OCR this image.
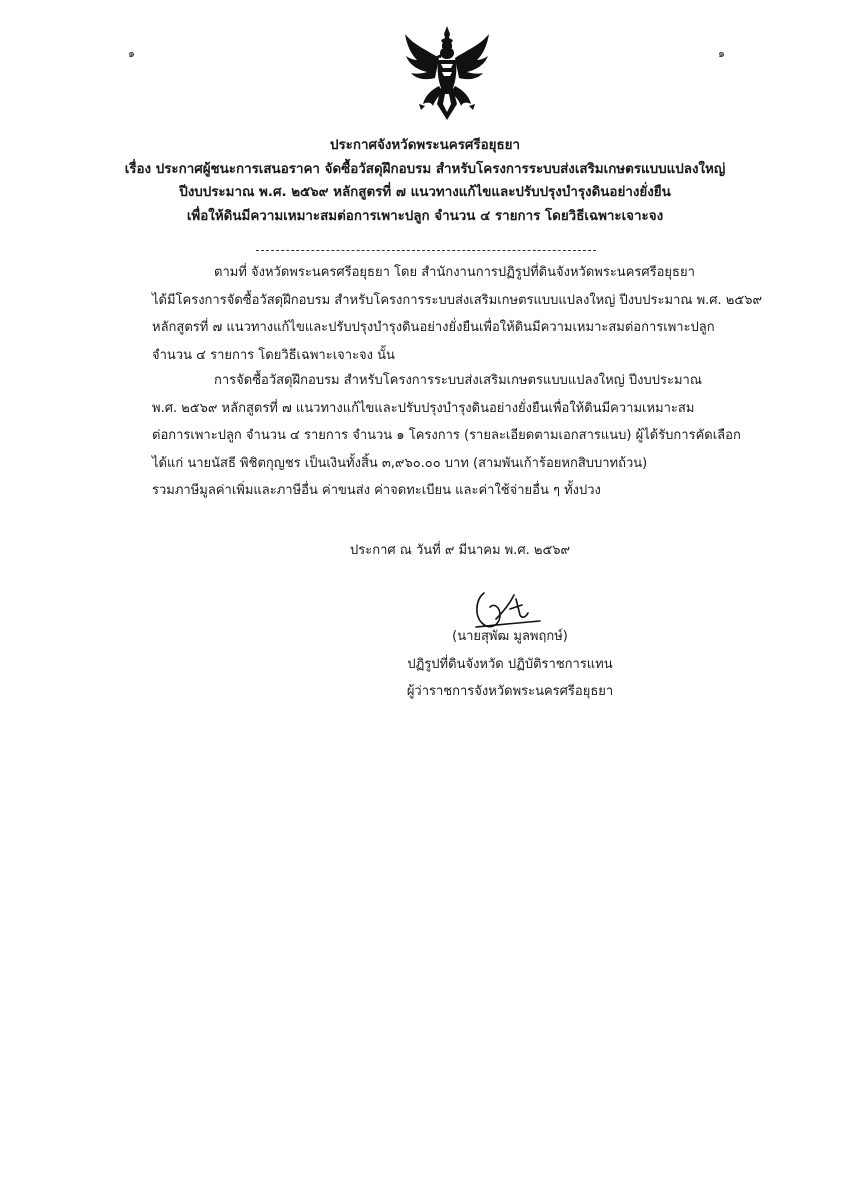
๑	๑
ประกาศจังหวัดพระนครศรีอยุธยา
เรื่อง ประกาศผู้ชนะการเสนอราคา จัดซื้อวัสดุฝึกอบรม สำหรับโครงการระบบส่งเสริมเกษตรแบบแปลงใหญ่
ปีงบประมาณ พ.ศ. ๒๕๖๙ หลักสูตรที่ ๗ แนวทางแก้ไขและปรับปรุงบำรุงดินอย่างยั่งยืน
เพื่อให้ดินมีความเหมาะสมต่อการเพาะปลูก จำนวน ๔ รายการ โดยวิธีเฉพาะเจาะจง
ตามที่ จังหวัดพระนครศรีอยุธยา โดย สำนักงานการปฏิรูปที่ดินจังหวัดพระนครศรีอยุธยา
ได้มีโครงการจัดซื้อวัสดุฝึกอบรม สำหรับโครงการระบบส่งเสริมเกษตรแบบแปลงใหญ่ ปีงบประมาณ พ.ศ. ๒๕๖๙
หลักสูตรที่ ๗ แนวทางแก้ไขและปรับปรุงบำรุงดินอย่างยั่งยืนเพื่อให้ดินมีความเหมาะสมต่อการเพาะปลูก
จำนวน ๔ รายการ โดยวิธีเฉพาะเจาะจง นั้น
การจัดซื้อวัสดุฝึกอบรม สำหรับโครงการระบบส่งเสริมเกษตรแบบแปลงใหญ่ ปีงบประมาณ
พ.ศ. ๒๕๖๙ หลักสูตรที่ ๗ แนวทางแก้ไขและปรับปรุงบำรุงดินอย่างยั่งยืนเพื่อให้ดินมีความเหมาะสม
ต่อการเพาะปลูก จำนวน ๔ รายการ จำนวน ๑ โครงการ (รายละเอียดตามเอกสารแนบ) ผู้ได้รับการคัดเลือก
ได้แก่ นายนัสธี พิชิตกุญชร เป็นเงินทั้งสิ้น ๓,๙๖๐.๐๐ บาท (สามพันเก้าร้อยหกสิบบาทถ้วน)
รวมภาษีมูลค่าเพิ่มและภาษีอื่น ค่าขนส่ง ค่าจดทะเบียน และค่าใช้จ่ายอื่น ๆ ทั้งปวง
ประกาศ ณ วันที่ ๙ มีนาคม พ.ศ. ๒๕๖๙
(นายสุพัฒ มูลพฤกษ์)
ปฏิรูปที่ดินจังหวัด ปฏิบัติราชการแทน
ผู้ว่าราชการจังหวัดพระนครศรีอยุธยา
